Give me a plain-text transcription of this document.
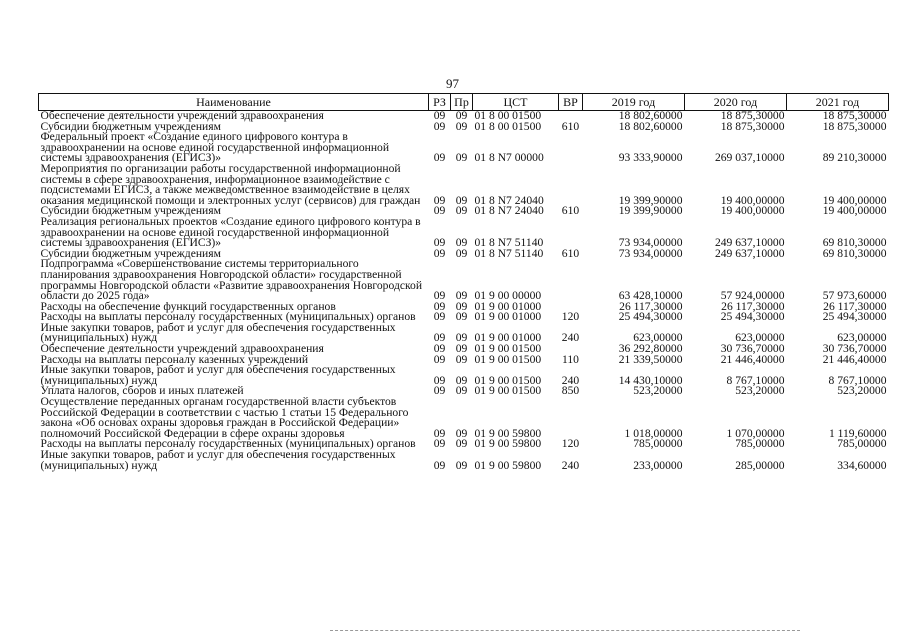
97
Наименование	РЗ	Пр	ЦСТ	ВР	2019 год	2020 год	2021 год
Обеспечение деятельности учреждений здравоохранения	09	09	01 8 00 01500		18 802,60000	18 875,30000	18 875,30000
Субсидии бюджетным учреждениям	09	09	01 8 00 01500	610	18 802,60000	18 875,30000	18 875,30000
Федеральный проект «Создание единого цифрового контура в здравоохранении на основе единой государственной информационной системы здравоохранения (ЕГИСЗ)»	09	09	01 8 N7 00000		93 333,90000	269 037,10000	89 210,30000
Мероприятия по организации работы государственной информационной системы в сфере здравоохранения, информационное взаимодействие с подсистемами ЕГИСЗ, а также межведомственное взаимодействие в целях оказания медицинской помощи и электронных услуг (сервисов) для граждан	09	09	01 8 N7 24040		19 399,90000	19 400,00000	19 400,00000
Субсидии бюджетным учреждениям	09	09	01 8 N7 24040	610	19 399,90000	19 400,00000	19 400,00000
Реализация региональных проектов «Создание единого цифрового контура в здравоохранении на основе единой государственной информационной системы здравоохранения (ЕГИСЗ)»	09	09	01 8 N7 51140		73 934,00000	249 637,10000	69 810,30000
Субсидии бюджетным учреждениям	09	09	01 8 N7 51140	610	73 934,00000	249 637,10000	69 810,30000
Подпрограмма «Совершенствование системы территориального планирования здравоохранения Новгородской области» государственной программы Новгородской области «Развитие здравоохранения Новгородской области до 2025 года»	09	09	01 9 00 00000		63 428,10000	57 924,00000	57 973,60000
Расходы на обеспечение функций государственных органов	09	09	01 9 00 01000		26 117,30000	26 117,30000	26 117,30000
Расходы на выплаты персоналу государственных (муниципальных) органов	09	09	01 9 00 01000	120	25 494,30000	25 494,30000	25 494,30000
Иные закупки товаров, работ и услуг для обеспечения государственных (муниципальных) нужд	09	09	01 9 00 01000	240	623,00000	623,00000	623,00000
Обеспечение деятельности учреждений здравоохранения	09	09	01 9 00 01500		36 292,80000	30 736,70000	30 736,70000
Расходы на выплаты персоналу казенных учреждений	09	09	01 9 00 01500	110	21 339,50000	21 446,40000	21 446,40000
Иные закупки товаров, работ и услуг для обеспечения государственных (муниципальных) нужд	09	09	01 9 00 01500	240	14 430,10000	8 767,10000	8 767,10000
Уплата налогов, сборов и иных платежей	09	09	01 9 00 01500	850	523,20000	523,20000	523,20000
Осуществление переданных органам государственной власти субъектов Российской Федерации в соответствии с частью 1 статьи 15 Федерального закона «Об основах охраны здоровья граждан в Российской Федерации» полномочий Российской Федерации в сфере охраны здоровья	09	09	01 9 00 59800		1 018,00000	1 070,00000	1 119,60000
Расходы на выплаты персоналу государственных (муниципальных) органов	09	09	01 9 00 59800	120	785,00000	785,00000	785,00000
Иные закупки товаров, работ и услуг для обеспечения государственных (муниципальных) нужд	09	09	01 9 00 59800	240	233,00000	285,00000	334,60000
